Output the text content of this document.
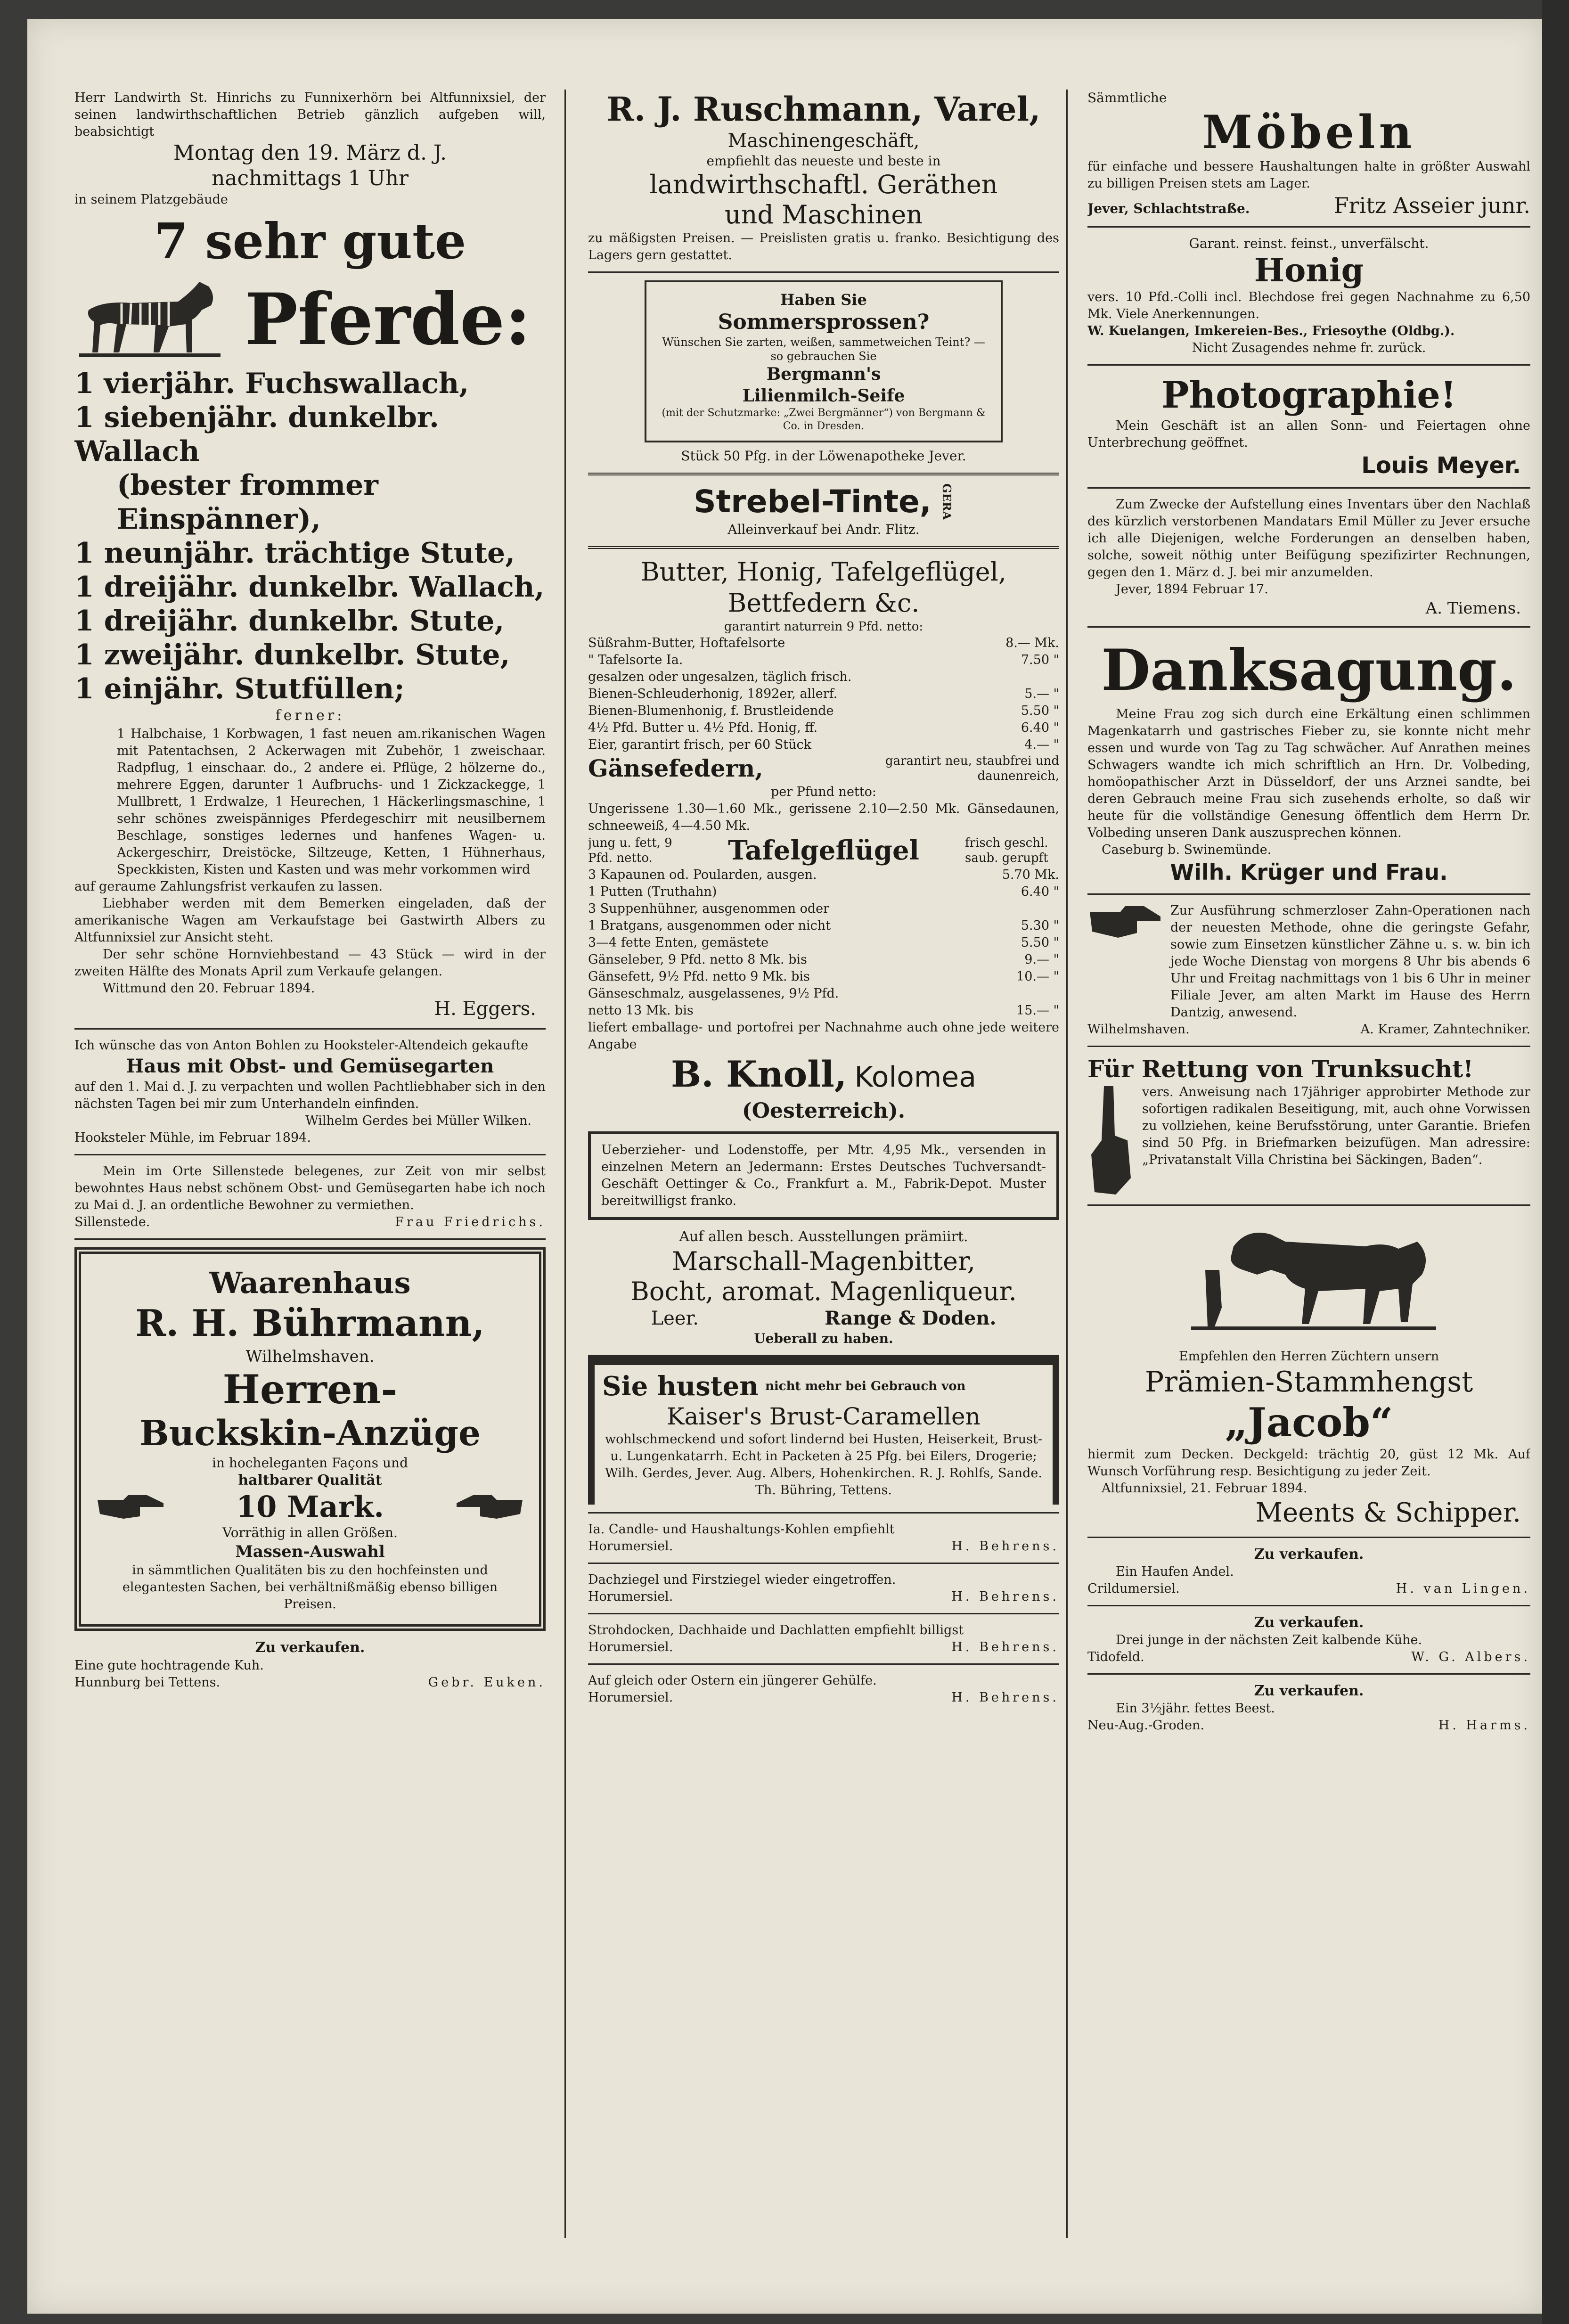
Herr Landwirth St. Hinrichs zu Funnixerhörn bei Altfunnixsiel, der seinen landwirthschaftlichen Betrieb gänzlich aufgeben will, beabsichtigt

Montag den 19. März d. J.

nachmittags 1 Uhr

in seinem Platzgebäude

7 sehr gute

Pferde:

1 vierjähr. Fuchswallach,

1 siebenjähr. dunkelbr. Wallach

(bester frommer Einspänner),

1 neunjähr. trächtige Stute,

1 dreijähr. dunkelbr. Wallach,

1 dreijähr. dunkelbr. Stute,

1 zweijähr. dunkelbr. Stute,

1 einjähr. Stutfüllen;

ferner:

1 Halbchaise, 1 Korbwagen, 1 fast neuen am.rikanischen Wagen mit Patentachsen, 2 Ackerwagen mit Zubehör, 1 zweischaar. Radpflug, 1 einschaar. do., 2 andere ei. Pflüge, 2 hölzerne do., mehrere Eggen, darunter 1 Aufbruchs- und 1 Zickzackegge, 1 Mullbrett, 1 Erdwalze, 1 Heurechen, 1 Häckerlingsmaschine, 1 sehr schönes zweispänniges Pferdegeschirr mit neusilbernem Beschlage, sonstiges ledernes und hanfenes Wagen- u. Ackergeschirr, Dreistöcke, Siltzeuge, Ketten, 1 Hühnerhaus, Speckkisten, Kisten und Kasten und was mehr vorkommen wird

auf geraume Zahlungsfrist verkaufen zu lassen.

Liebhaber werden mit dem Bemerken eingeladen, daß der amerikanische Wagen am Verkaufstage bei Gastwirth Albers zu Altfunnixsiel zur Ansicht steht.

Der sehr schöne Hornviehbestand — 43 Stück — wird in der zweiten Hälfte des Monats April zum Verkaufe gelangen.

Wittmund den 20. Februar 1894.

H. Eggers.

Ich wünsche das von Anton Bohlen zu Hooksteler-Altendeich gekaufte

Haus mit Obst- und Gemüsegarten

auf den 1. Mai d. J. zu verpachten und wollen Pachtliebhaber sich in den nächsten Tagen bei mir zum Unterhandeln einfinden.

Wilhelm Gerdes bei Müller Wilken.

Hooksteler Mühle, im Februar 1894.

Mein im Orte Sillenstede belegenes, zur Zeit von mir selbst bewohntes Haus nebst schönem Obst- und Gemüsegarten habe ich noch zu Mai d. J. an ordentliche Bewohner zu vermiethen.

Sillenstede.	Frau Friedrichs.

Waarenhaus

R. H. Bührmann,

Wilhelmshaven.

Herren-

Buckskin-Anzüge

in hocheleganten Façons und

haltbarer Qualität

10 Mark.

Vorräthig in allen Größen.

Massen-Auswahl

in sämmtlichen Qualitäten bis zu den hochfeinsten und elegantesten Sachen, bei verhältnißmäßig ebenso billigen Preisen.

Zu verkaufen.

Eine gute hochtragende Kuh.

Hunnburg bei Tettens.	Gebr. Euken.

R. J. Ruschmann, Varel,

Maschinengeschäft,

empfiehlt das neueste und beste in

landwirthschaftl. Geräthen

und Maschinen

zu mäßigsten Preisen. — Preislisten gratis u. franko. Besichtigung des Lagers gern gestattet.

Haben Sie

Sommersprossen?

Wünschen Sie zarten, weißen, sammetweichen Teint? — so gebrauchen Sie

Bergmann's

Lilienmilch-Seife

(mit der Schutzmarke: „Zwei Bergmänner“) von Bergmann & Co. in Dresden.

Stück 50 Pfg. in der Löwenapotheke Jever.

Strebel-Tinte, GERA

Alleinverkauf bei Andr. Flitz.

Butter, Honig, Tafelgeflügel,

Bettfedern &c.

garantirt naturrein 9 Pfd. netto:

Süßrahm-Butter, Hoftafelsorte	8.— Mk.
" Tafelsorte Ia.	7.50 "
gesalzen oder ungesalzen, täglich frisch.
Bienen-Schleuderhonig, 1892er, allerf.	5.— "
Bienen-Blumenhonig, f. Brustleidende	5.50 "
4½ Pfd. Butter u. 4½ Pfd. Honig, ff.	6.40 "
Eier, garantirt frisch, per 60 Stück	4.— "

Gänsefedern,	garantirt neu, staubfrei und daunenreich,

per Pfund netto:

Ungerissene 1.30—1.60 Mk., gerissene 2.10—2.50 Mk. Gänsedaunen, schneeweiß, 4—4.50 Mk.

jung u. fett, 9 Pfd. netto.	Tafelgeflügel	frisch geschl. saub. gerupft

3 Kapaunen od. Poularden, ausgen.	5.70 Mk.
1 Putten (Truthahn)	6.40 "
3 Suppenhühner, ausgenommen oder
1 Bratgans, ausgenommen oder nicht	5.30 "
3—4 fette Enten, gemästete	5.50 "
Gänseleber, 9 Pfd. netto 8 Mk. bis	9.— "
Gänsefett, 9½ Pfd. netto 9 Mk. bis	10.— "
Gänseschmalz, ausgelassenes, 9½ Pfd.
netto 13 Mk. bis	15.— "

liefert emballage- und portofrei per Nachnahme auch ohne jede weitere Angabe

B. Knoll, Kolomea

(Oesterreich).

Ueberzieher- und Lodenstoffe, per Mtr. 4,95 Mk., versenden in einzelnen Metern an Jedermann: Erstes Deutsches Tuchversandt-Geschäft Oettinger & Co., Frankfurt a. M., Fabrik-Depot. Muster bereitwilligst franko.

Auf allen besch. Ausstellungen prämiirt.

Marschall-Magenbitter,

Bocht, aromat. Magenliqueur.

Leer.	Range & Doden.

Ueberall zu haben.

Sie husten nicht mehr bei Gebrauch von

Kaiser's Brust-Caramellen

wohlschmeckend und sofort lindernd bei Husten, Heiserkeit, Brust- u. Lungenkatarrh. Echt in Packeten à 25 Pfg. bei Eilers, Drogerie; Wilh. Gerdes, Jever. Aug. Albers, Hohenkirchen. R. J. Rohlfs, Sande. Th. Bühring, Tettens.

Ia. Candle- und Haushaltungs-Kohlen empfiehlt

Horumersiel.	H. Behrens.

Dachziegel und Firstziegel wieder eingetroffen.

Horumersiel.	H. Behrens.

Strohdocken, Dachhaide und Dachlatten empfiehlt billigst

Horumersiel.	H. Behrens.

Auf gleich oder Ostern ein jüngerer Gehülfe.

Horumersiel.	H. Behrens.

Sämmtliche

Möbeln

für einfache und bessere Haushaltungen halte in größter Auswahl zu billigen Preisen stets am Lager.

Jever, Schlachtstraße.	Fritz Asseier junr.

Garant. reinst. feinst., unverfälscht.

Honig

vers. 10 Pfd.-Colli incl. Blechdose frei gegen Nachnahme zu 6,50 Mk. Viele Anerkennungen.

W. Kuelangen, Imkereien-Bes., Friesoythe (Oldbg.).

Nicht Zusagendes nehme fr. zurück.

Photographie!

Mein Geschäft ist an allen Sonn- und Feiertagen ohne Unterbrechung geöffnet.

Louis Meyer.

Zum Zwecke der Aufstellung eines Inventars über den Nachlaß des kürzlich verstorbenen Mandatars Emil Müller zu Jever ersuche ich alle Diejenigen, welche Forderungen an denselben haben, solche, soweit nöthig unter Beifügung spezifizirter Rechnungen, gegen den 1. März d. J. bei mir anzumelden.

Jever, 1894 Februar 17.

A. Tiemens.

Danksagung.

Meine Frau zog sich durch eine Erkältung einen schlimmen Magenkatarrh und gastrisches Fieber zu, sie konnte nicht mehr essen und wurde von Tag zu Tag schwächer. Auf Anrathen meines Schwagers wandte ich mich schriftlich an Hrn. Dr. Volbeding, homöopathischer Arzt in Düsseldorf, der uns Arznei sandte, bei deren Gebrauch meine Frau sich zusehends erholte, so daß wir heute für die vollständige Genesung öffentlich dem Herrn Dr. Volbeding unseren Dank auszusprechen können.

Caseburg b. Swinemünde.

Wilh. Krüger und Frau.

Zur Ausführung schmerzloser Zahn-Operationen nach der neuesten Methode, ohne die geringste Gefahr, sowie zum Einsetzen künstlicher Zähne u. s. w. bin ich jede Woche Dienstag von morgens 8 Uhr bis abends 6 Uhr und Freitag nachmittags von 1 bis 6 Uhr in meiner Filiale Jever, am alten Markt im Hause des Herrn Dantzig, anwesend.

Wilhelmshaven.	A. Kramer, Zahntechniker.

Für Rettung von Trunksucht!

vers. Anweisung nach 17jähriger approbirter Methode zur sofortigen radikalen Beseitigung, mit, auch ohne Vorwissen zu vollziehen, keine Berufsstörung, unter Garantie. Briefen sind 50 Pfg. in Briefmarken beizufügen. Man adressire: „Privatanstalt Villa Christina bei Säckingen, Baden“.

Empfehlen den Herren Züchtern unsern

Prämien-Stammhengst

„Jacob“

hiermit zum Decken. Deckgeld: trächtig 20, güst 12 Mk. Auf Wunsch Vorführung resp. Besichtigung zu jeder Zeit.

Altfunnixsiel, 21. Februar 1894.

Meents & Schipper.

Zu verkaufen.

Ein Haufen Andel.

Crildumersiel.	H. van Lingen.

Zu verkaufen.

Drei junge in der nächsten Zeit kalbende Kühe.

Tidofeld.	W. G. Albers.

Zu verkaufen.

Ein 3½jähr. fettes Beest.

Neu-Aug.-Groden.	H. Harms.
